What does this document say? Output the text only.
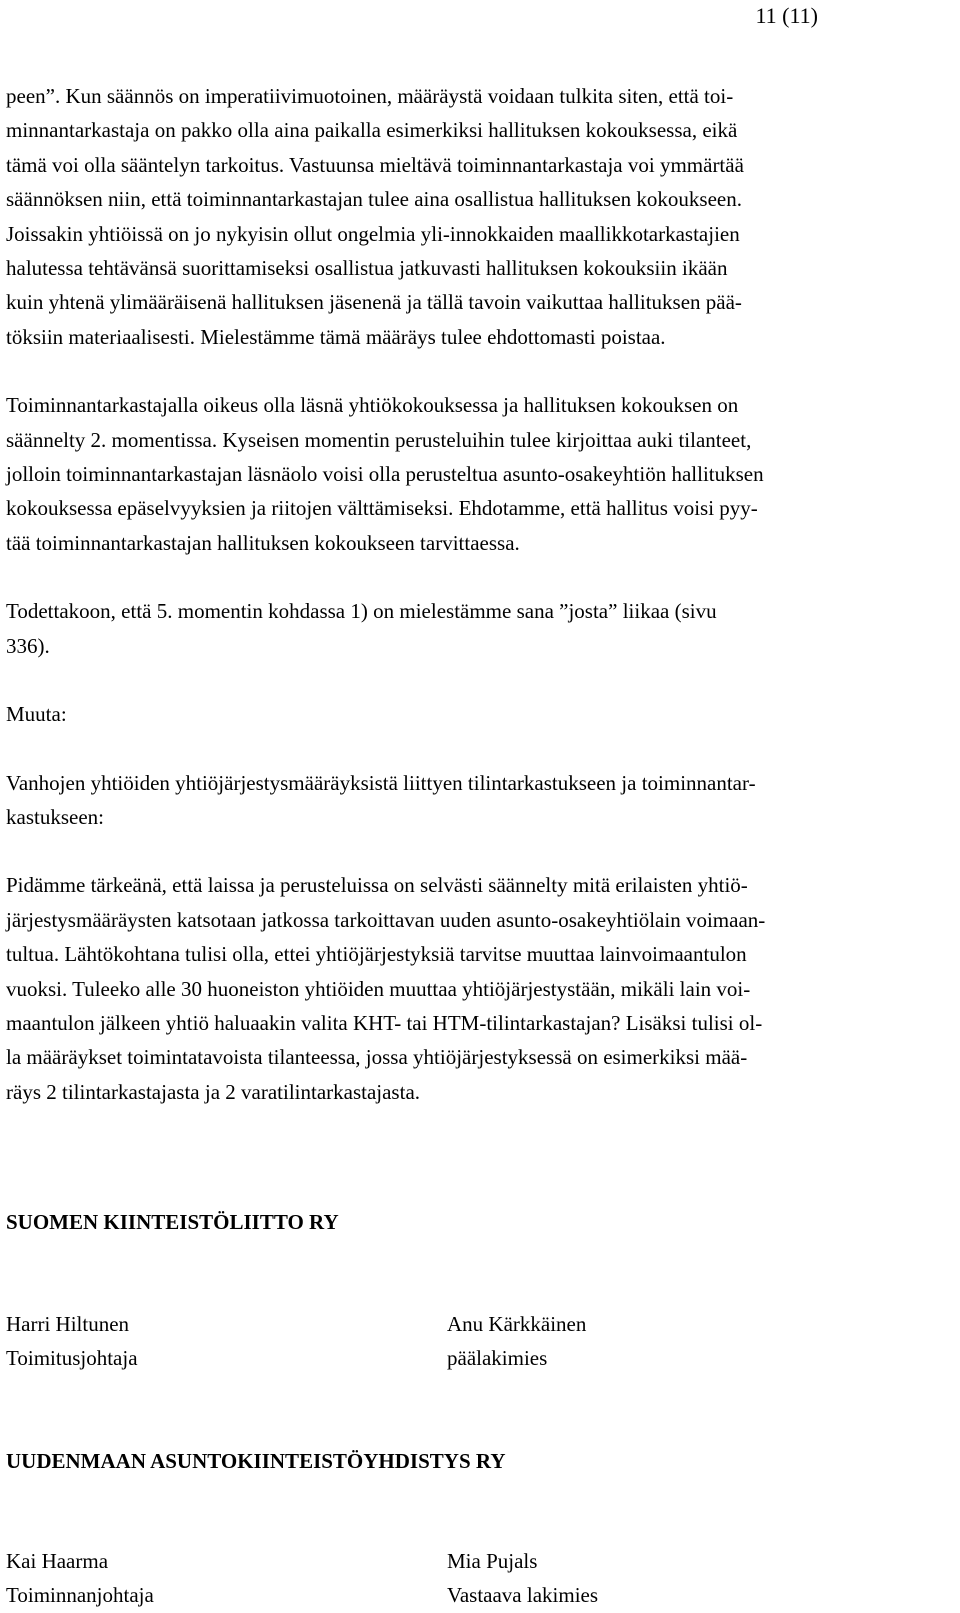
11 (11)

peen”. Kun säännös on imperatiivimuotoinen, määräystä voidaan tulkita siten, että toi-
minnantarkastaja on pakko olla aina paikalla esimerkiksi hallituksen kokouksessa, eikä
tämä voi olla sääntelyn tarkoitus. Vastuunsa mieltävä toiminnantarkastaja voi ymmärtää
säännöksen niin, että toiminnantarkastajan tulee aina osallistua hallituksen kokoukseen.
Joissakin yhtiöissä on jo nykyisin ollut ongelmia yli-innokkaiden maallikkotarkastajien
halutessa tehtävänsä suorittamiseksi osallistua jatkuvasti hallituksen kokouksiin ikään
kuin yhtenä ylimääräisenä hallituksen jäsenenä ja tällä tavoin vaikuttaa hallituksen pää-
töksiin materiaalisesti. Mielestämme tämä määräys tulee ehdottomasti poistaa.

Toiminnantarkastajalla oikeus olla läsnä yhtiökokouksessa ja hallituksen kokouksen on
säännelty 2. momentissa. Kyseisen momentin perusteluihin tulee kirjoittaa auki tilanteet,
jolloin toiminnantarkastajan läsnäolo voisi olla perusteltua asunto-osakeyhtiön hallituksen
kokouksessa epäselvyyksien ja riitojen välttämiseksi. Ehdotamme, että hallitus voisi pyy-
tää toiminnantarkastajan hallituksen kokoukseen tarvittaessa.

Todettakoon, että 5. momentin kohdassa 1) on mielestämme sana ”josta” liikaa (sivu
336).

Muuta:

Vanhojen yhtiöiden yhtiöjärjestysmääräyksistä liittyen tilintarkastukseen ja toiminnantar-
kastukseen:

Pidämme tärkeänä, että laissa ja perusteluissa on selvästi säännelty mitä erilaisten yhtiö-
järjestysmääräysten katsotaan jatkossa tarkoittavan uuden asunto-osakeyhtiölain voimaan-
tultua. Lähtökohtana tulisi olla, ettei yhtiöjärjestyksiä tarvitse muuttaa lainvoimaantulon
vuoksi. Tuleeko alle 30 huoneiston yhtiöiden muuttaa yhtiöjärjestystään, mikäli lain voi-
maantulon jälkeen yhtiö haluaakin valita KHT- tai HTM-tilintarkastajan? Lisäksi tulisi ol-
la määräykset toimintatavoista tilanteessa, jossa yhtiöjärjestyksessä on esimerkiksi mää-
räys 2 tilintarkastajasta ja 2 varatilintarkastajasta.

SUOMEN KIINTEISTÖLIITTO RY

Harri Hiltunen
Toimitusjohtaja
Anu Kärkkäinen
päälakimies

UUDENMAAN ASUNTOKIINTEISTÖYHDISTYS RY

Kai Haarma
Toiminnanjohtaja
Mia Pujals
Vastaava lakimies
